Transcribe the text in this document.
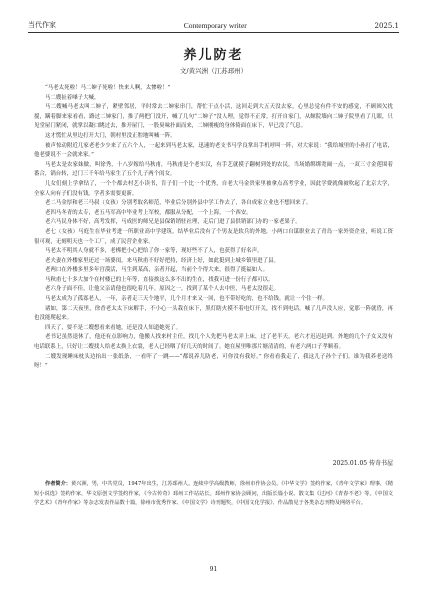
当代作家	Contemporary writer	2025.1
养儿防老
文/黄兴洲（江苏邳州）

“马老太死啦！马二婶子死啦！快来人啊，太惨啦！”

马二嫂扯着嗓子大喊。

马二嫂喊马老太叫二婶子，紧壁邻居，平时常去二婶家串门，帮忙干点小活，这回走到大五天没去家，心里总觉有件不安的感觉，不顾困欠扰搅，蹒着脚来家看看，路过二婶家门，推了两把门没开，喊了几句“二婶子”没人理，觉得不正常，打开自家门，从鲸院墙向二婶子院里看了几眼，只见堂屋门紧闭，就掌以凝口眺过去，推开屋门，一股臭味扑面而来，二婶刚瘦的身体倚面在床下，早已没了气息。

这才慌忙从里边打开大门，朝村里没正腔地叫喊一阵。

被声惊动附近几家老老少少来了五六个人，一起来到马老太家，迅速的老支书马学良掌出手机呼叫一阵，对大家说：“我给城里的小孙打了电话，他老婆说不一会就来家。”

马老太是农家妹做，叫徐秀，十八岁嫁给马秋甫，马秋甫是个老实汉，有手艺就摸子翻树到处的农民，当场婚绑绑宽阔一点，一双三寸金莲围着番合，锅台转，过门三千年给马家生了五个儿子两个闺女。

儿女们刻上学拿钻了，一个个都去村艺小读书，肯子们一个比一个优秀，自老大马金贵家里被拿点高考学业，因此学费就像被吹起了北京大学，全家人向有子们没有钱。学者多需要更新。

老二马金厚和老三马叔（女孩）分别考取名师范，毕业后分别外县中学工作去了，各自成家立业也不想回来了。

老四马冬青的太专，老五马军高中毕业考上军校，都服从分配，一个上海，一个西安。

老六马民身体不好，高考发挥，马成医的师兄是县保销销驻社理，走后门进了县供销部门办的一家老果子。

老七（女孩）马庭生在毕业考进一所职业高中学建筑，结毕业后没有了个男友是软兵的外地，小两口自谋职业去了青岛一家外资企业，听说工资很可观，无刻明天也一个工厂，成了民营企业家。

马老太不明其人身就不多，老梆把小心把给了你一家等，现好些不了人，也获得了好名声。

老夫妻在外楼家里还过一场婆闺，来马秋甫不好好把持，经济上好，如此挺到上城乡镇里进了县。

老两口在外楼多里多年宫漠活，马生到某高，亲者开起，当前个个得大来，很得了挺福如人。

马秋甫七十多大加个在村楼已的上年等，直接挨这么多不出的生在，找我可进一份行子都可以。

老六身子面不佳，让他父亲请他也很吃着几年。原因之一，找到了某个人去中医，马老太没很走。

马老太成为了孤寡老人，一年，亲者走三天个地平，几个月才来又一回，也不带好吃的，也不给钱。就让一个住一样。

诸如，第二天夜里，徐香老太太下床解手，不小心一头栽在床下，黑灯瞎火摸不着电灯开关，找不到电话，喊了几声没人应，觉那一阵就昏，再也没能爬起来。

四天了，要不是二嫂想看来看她，还是没人知道她死了。

老书记虽然退休了，他还有点影响力，他搬人找来村主任，找几个人先把马老太弄上床，过了老半天，老六才迟迟赶到。外地的几个子女又没有电话联系上，只好让二嫂找人给老太换上衣裳，老人已经咽了好几天的时间了。她在屋里唯那片塘清清的，有老六两口子孝顺着。

二嫂发现睡床枕头边抬出一张纸条，一看吓了一跳——“都说养儿防老，可你没有我好。” 你看看我走了，我这儿子孙个子们，谁为我养老送终呀！”

2025.01.05 传奇书屋

作者简介：黄兴洲，男，中共党员，1947年出生，江苏邳州人。连续中学高级教师，徐州市作协会员。《中华文学》签约作家，《青年文学家》理事，《精短小说选》签约作家，华文原创文学签约作家，《今古传奇》邳州工作站站长。邳州作家协会顾问，出版长篇小说、散文集《过河》《青春不老》等。《中国文学艺术》《青年作家》等杂志发表作品数十篇，徐州市优秀作家、《中国文学》诗刊题奖，《中国文化学报》、作品散见于各类杂志刊物及网络平台。

91
